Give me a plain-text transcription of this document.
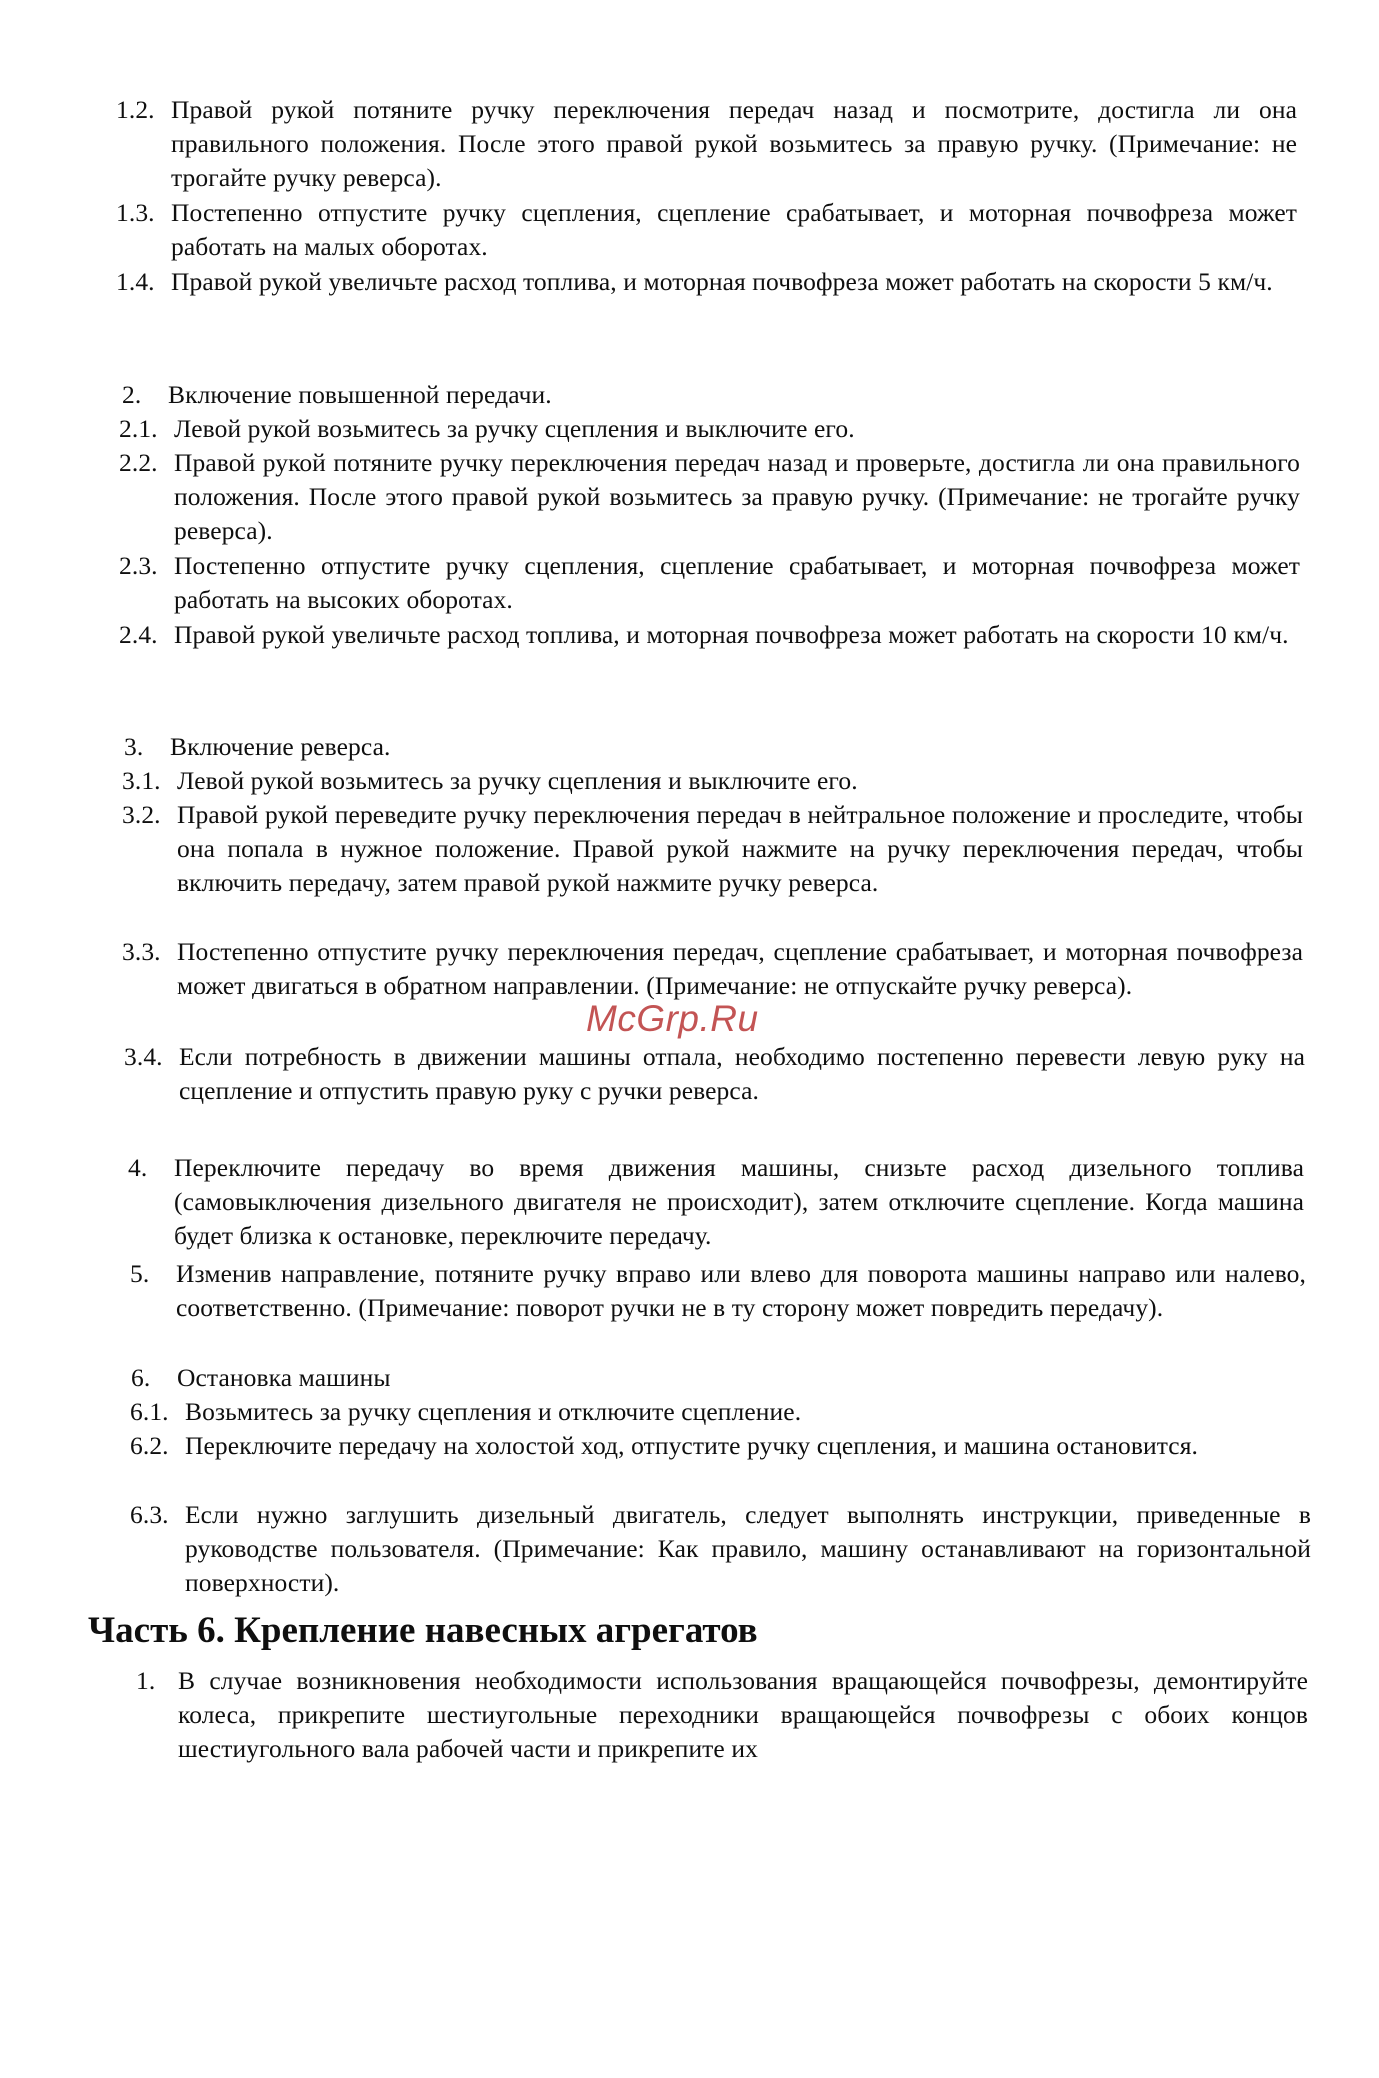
1.2. Правой рукой потяните ручку переключения передач назад и посмотрите, достигла ли она правильного положения. После этого правой рукой возьмитесь за правую ручку. (Примечание: не трогайте ручку реверса).
1.3. Постепенно отпустите ручку сцепления, сцепление срабатывает, и моторная почвофреза может работать на малых оборотах.
1.4. Правой рукой увеличьте расход топлива, и моторная почвофреза может работать на скорости 5 км/ч.
2. Включение повышенной передачи.
2.1. Левой рукой возьмитесь за ручку сцепления и выключите его.
2.2. Правой рукой потяните ручку переключения передач назад и проверьте, достигла ли она правильного положения. После этого правой рукой возьмитесь за правую ручку. (Примечание: не трогайте ручку реверса).
2.3. Постепенно отпустите ручку сцепления, сцепление срабатывает, и моторная почвофреза может работать на высоких оборотах.
2.4. Правой рукой увеличьте расход топлива, и моторная почвофреза может работать на скорости 10 км/ч.
3. Включение реверса.
3.1. Левой рукой возьмитесь за ручку сцепления и выключите его.
3.2. Правой рукой переведите ручку переключения передач в нейтральное положение и проследите, чтобы она попала в нужное положение. Правой рукой нажмите на ручку переключения передач, чтобы включить передачу, затем правой рукой нажмите ручку реверса.
3.3. Постепенно отпустите ручку переключения передач, сцепление срабатывает, и моторная почвофреза может двигаться в обратном направлении. (Примечание: не отпускайте ручку реверса).
3.4. Если потребность в движении машины отпала, необходимо постепенно перевести левую руку на сцепление и отпустить правую руку с ручки реверса.
4. Переключите передачу во время движения машины, снизьте расход дизельного топлива (самовыключения дизельного двигателя не происходит), затем отключите сцепление. Когда машина будет близка к остановке, переключите передачу.
5. Изменив направление, потяните ручку вправо или влево для поворота машины направо или налево, соответственно. (Примечание: поворот ручки не в ту сторону может повредить передачу).
6. Остановка машины
6.1. Возьмитесь за ручку сцепления и отключите сцепление.
6.2. Переключите передачу на холостой ход, отпустите ручку сцепления, и машина остановится.
6.3. Если нужно заглушить дизельный двигатель, следует выполнять инструкции, приведенные в руководстве пользователя. (Примечание: Как правило, машину останавливают на горизонтальной поверхности).
McGrp.Ru
Часть 6. Крепление навесных агрегатов
1. В случае возникновения необходимости использования вращающейся почвофрезы, демонтируйте колеса, прикрепите шестиугольные переходники вращающейся почвофрезы с обоих концов шестиугольного вала рабочей части и прикрепите их
